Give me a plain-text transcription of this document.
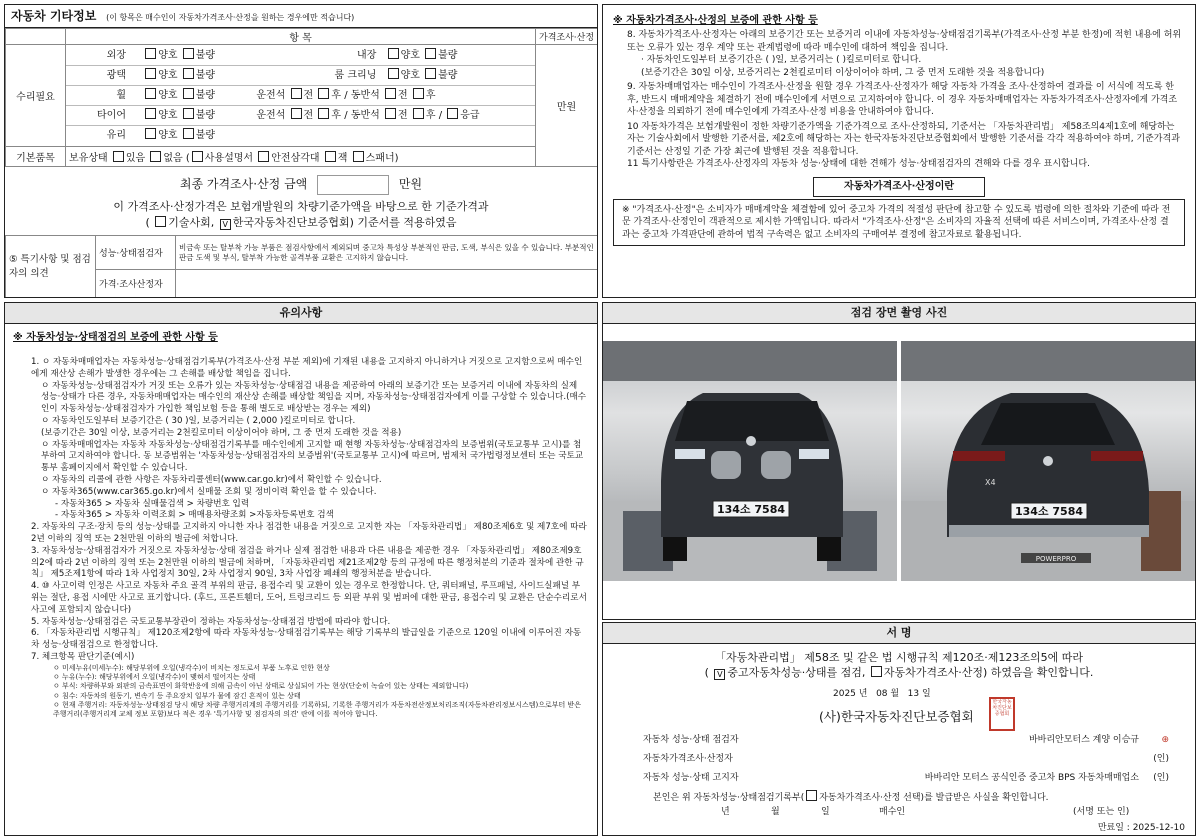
자동차 기타정보 (이 항목은 매수인이 자동차가격조사·산정을 원하는 경우에만 적습니다)
	항 목	가격조사·산정
수리필요	외장 양호 불량 내장 양호 불량
광택 양호 불량 룸 크리닝 양호 불량
휠 양호 불량 운전석 전 후 / 동반석 전 후
타이어 양호 불량 운전석 전 후 / 동반석 전 후 / 응급
유리 양호 불량	만원
기본품목	보유상태 있음 없음 ( 사용설명서 안전삼각대 잭 스패너)	
최종 가격조사·산정 금액	만원
이 가격조사·산정가격은 보험개발원의 차량기준가액을 바탕으로 한 기준가격과
( 기술사회, V 한국자동차진단보증협회) 기준서를 적용하였음
⑤ 특기사항 및 점검자의 의견	성능·상태점검자	비금속 또는 탈부착 가능 부품은 점검사항에서 제외되며 중고차 특성상 부분적인 판금, 도색, 부식은 있을 수 있습니다. 부분적인 판금 도색 및 부식, 탈부착 가능한 골격부품 교환은 고지하지 않습니다.
	가격·조사산정자	
※ 자동차가격조사·산정의 보증에 관한 사항 등

8. 자동차가격조사·산정자는 아래의 보증기간 또는 보증거리 이내에 자동차성능·상태점검기록부(가격조사·산정 부분 한정)에 적힌 내용에 허위 또는 오류가 있는 경우 계약 또는 관계법령에 따라 매수인에 대하여 책임을 집니다.

· 자동차인도일부터 보증기간은 ( )일, 보증거리는 ( )킬로미터로 합니다.

(보증기간은 30일 이상, 보증거리는 2천킬로미터 이상이어야 하며, 그 중 먼저 도래한 것을 적용합니다)

9. 자동차매매업자는 매수인이 가격조사·산정을 원할 경우 가격조사·산정자가 해당 자동차 가격을 조사·산정하여 결과를 이 서식에 적도록 한 후, 반드시 매매계약을 체결하기 전에 매수인에게 서면으로 고지하여야 합니다. 이 경우 자동차매매업자는 자동차가격조사·산정자에게 가격조사·산정을 의뢰하기 전에 매수인에게 가격조사·산정 비용을 안내하여야 합니다.

10 자동차가격은 보험개발원이 정한 차량기준가액을 기준가격으로 조사·산정하되, 기준서는 「자동차관리법」 제58조의4제1호에 해당하는 자는 기술사회에서 발행한 기준서를, 제2호에 해당하는 자는 한국자동차진단보증협회에서 발행한 기준서를 각각 적용하여야 하며, 기준가격과 기준서는 산정일 기준 가장 최근에 발행된 것을 적용합니다.

11 특기사항란은 가격조사·산정자의 자동차 성능·상태에 대한 견해가 성능·상태점검자의 견해와 다를 경우 표시합니다.

자동차가격조사·산정이란

※ "가격조사·산정"은 소비자가 매매계약을 체결함에 있어 중고차 가격의 적절성 판단에 참고할 수 있도록 법령에 의한 절차와 기준에 따라 전문 가격조사·산정인이 객관적으로 제시한 가액입니다. 따라서 "가격조사·산정"은 소비자의 자율적 선택에 따른 서비스이며, 가격조사·산정 결과는 중고차 가격판단에 관하여 법적 구속력은 없고 소비자의 구매여부 결정에 참고자료로 활용됩니다.

유의사항
※ 자동차성능·상태점검의 보증에 관한 사항 등

1. ㅇ 자동차매매업자는 자동차성능·상태점검기록부(가격조사·산정 부분 제외)에 기재된 내용을 고지하지 아니하거나 거짓으로 고지함으로써 매수인에게 재산상 손해가 발생한 경우에는 그 손해를 배상할 책임을 집니다.

ㅇ 자동차성능·상태점검자가 거짓 또는 오류가 있는 자동차성능·상태점검 내용을 제공하여 아래의 보증기간 또는 보증거리 이내에 자동차의 실제 성능·상태가 다른 경우, 자동차매매업자는 매수인의 재산상 손해를 배상할 책임을 지며, 자동차성능·상태점검자에게 이를 구상할 수 있습니다.(매수인이 자동차성능·상태점검자가 가입한 책임보험 등을 통해 별도로 배상받는 경우는 제외)

ㅇ 자동차인도일부터 보증기간은 ( 30 )일, 보증거리는 ( 2,000 )킬로미터로 합니다.

(보증기간은 30일 이상, 보증거리는 2천킬로미터 이상이어야 하며, 그 중 먼저 도래한 것을 적용)

ㅇ 자동차매매업자는 자동차 자동차성능·상태점검기록부를 매수인에게 고지할 때 현행 자동차성능·상태점검자의 보증범위(국토교통부 고시)를 첨부하여 고지하여야 합니다. 동 보증범위는 '자동차성능·상태점검자의 보증범위'(국토교통부 고시)에 따르며, 범제처 국가법령정보센터 또는 국토교통부 홈페이지에서 확인할 수 있습니다.

ㅇ 자동차의 리콜에 관한 사항은 자동차리콜센터(www.car.go.kr)에서 확인할 수 있습니다.

ㅇ 자동차365(www.car365.go.kr)에서 실매물 조회 및 정비이력 확인을 할 수 있습니다.

- 자동차365 > 자동차 실매물검색 > 차량번호 입력

- 자동차365 > 자동차 이력조회 > 매매용차량조회 >자동차등록번호 검색

2. 자동차의 구조·장치 등의 성능·상태를 고지하지 아니한 자나 점검한 내용을 거짓으로 고지한 자는 「자동차관리법」 제80조제6호 및 제7호에 따라 2년 이하의 징역 또는 2천만원 이하의 벌금에 처합니다.

3. 자동차성능·상태점검자가 거짓으로 자동차성능·상태 점검을 하거나 실제 점검한 내용과 다른 내용을 제공한 경우 「자동차관리법」 제80조제9호의2에 따라 2년 이하의 징역 또는 2천만원 이하의 벌금에 처하며, 「자동차관리법 제21조제2항 등의 규정에 따른 행정처분의 기준과 절차에 관한 규칙」 제5조제1항에 따라 1차 사업정지 30일, 2차 사업정지 90일, 3차 사업장 폐쇄의 행정처분을 받습니다.

4. ⑩ 사고이력 인정은 사고로 자동차 주요 골격 부위의 판금, 용접수리 및 교환이 있는 경우로 한정합니다. 단, 쿼터패널, 루프패널, 사이드실패널 부위는 절단, 용접 시에만 사고로 표기합니다. (후드, 프론트휀더, 도어, 트렁크리드 등 외판 부위 및 범퍼에 대한 판금, 용접수리 및 교환은 단순수리로서 사고에 포함되지 않습니다)

5. 자동차성능·상태점검은 국토교통부장관이 정하는 자동차성능·상태점검 방법에 따라야 합니다.

6. 「자동차관리법 시행규칙」 제120조제2항에 따라 자동차성능·상태점검기록부는 해당 기록부의 발급일을 기준으로 120일 이내에 이루어진 자동차 성능·상태점검으로 한정합니다.

7. 체크항목 판단기준(예시)

ㅇ 미세누유(미세누수): 해당부위에 오일(냉각수)이 비치는 정도로서 부품 노후로 인한 현상

ㅇ 누유(누수): 해당부위에서 오일(냉각수)이 맺혀서 떨어지는 상태

ㅇ 부식: 차량하부와 외판의 금속표면이 화학반응에 의해 금속이 아닌 상태로 상실되어 가는 현상(단순히 녹슬어 있는 상태는 제외합니다)

ㅇ 침수: 자동차의 원동기, 변속기 등 주요장치 일부가 물에 잠긴 흔적이 있는 상태

ㅇ 현재 주행거리: 자동차성능·상태점검 당시 해당 차량 주행거리계의 주행거리를 기록하되, 기록한 주행거리가 자동차전산정보처리조직(자동차관리정보시스템)으로부터 받은 주행거리(주행거리계 교체 정보 포함)보다 적은 경우 '특기사항 및 점검자의 의견' 란에 이를 적어야 합니다.

점검 장면 촬영 사진
134소 7584
X4
134소 7584
POWERPRO
서 명
「자동차관리법」 제58조 및 같은 법 시행규칙 제120조·제123조의5에 따라
( V 중고자동차성능·상태를 점검, 자동차가격조사·산정) 하였음을 확인합니다.
2025 년 08 월 13 일
(사)한국자동차진단보증협회
한국자동차진단보증협회
자동차 성능·상태 점검자	바바리안모터스 계양 이승규 ⊕
자동차가격조사·산정자	(인)
자동차 성능·상태 고지자	바바리안 모터스 공식인증 중고차 BPS 자동차매매업소 (인)
본인은 위 자동차성능·상태점검기록부( 자동차가격조사·산정 선택)를 발급받은 사실을 확인합니다.
년	월	일	매수인	(서명 또는 인)
만료일 : 2025-12-10
